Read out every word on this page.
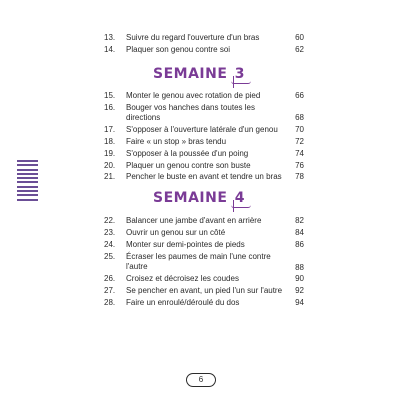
13. Suivre du regard l'ouverture d'un bras	60
14. Plaquer son genou contre soi	62
SEMAINE 3
15. Monter le genou avec rotation de pied	66
16. Bouger vos hanches dans toutes les directions	68
17. S'opposer à l'ouverture latérale d'un genou	70
18. Faire « un stop » bras tendu	72
19. S'opposer à la poussée d'un poing	74
20. Plaquer un genou contre son buste	76
21. Pencher le buste en avant et tendre un bras	78
SEMAINE 4
22. Balancer une jambe d'avant en arrière	82
23. Ouvrir un genou sur un côté	84
24. Monter sur demi-pointes de pieds	86
25. Écraser les paumes de main l'une contre l'autre	88
26. Croisez et décroisez les coudes	90
27. Se pencher en avant, un pied l'un sur l'autre	92
28. Faire un enroulé/déroulé du dos	94
6
